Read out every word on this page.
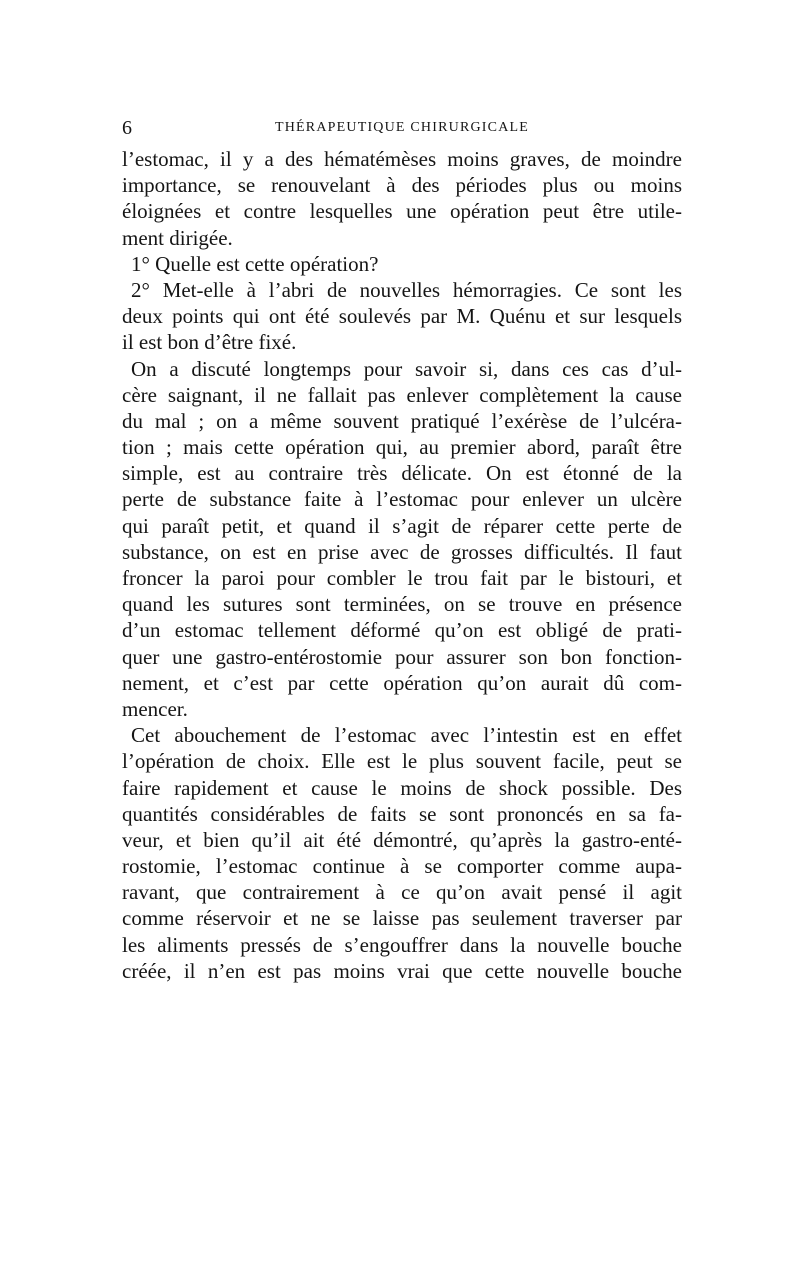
6	THÉRAPEUTIQUE CHIRURGICALE
l’estomac, il y a des hématémèses moins graves, de moindre
importance, se renouvelant à des périodes plus ou moins
éloignées et contre lesquelles une opération peut être utile-
ment dirigée.
1° Quelle est cette opération?
2° Met-elle à l’abri de nouvelles hémorragies. Ce sont les
deux points qui ont été soulevés par M. Quénu et sur lesquels
il est bon d’être fixé.
On a discuté longtemps pour savoir si, dans ces cas d’ul-
cère saignant, il ne fallait pas enlever complètement la cause
du mal ; on a même souvent pratiqué l’exérèse de l’ulcéra-
tion ; mais cette opération qui, au premier abord, paraît être
simple, est au contraire très délicate. On est étonné de la
perte de substance faite à l’estomac pour enlever un ulcère
qui paraît petit, et quand il s’agit de réparer cette perte de
substance, on est en prise avec de grosses difficultés. Il faut
froncer la paroi pour combler le trou fait par le bistouri, et
quand les sutures sont terminées, on se trouve en présence
d’un estomac tellement déformé qu’on est obligé de prati-
quer une gastro-entérostomie pour assurer son bon fonction-
nement, et c’est par cette opération qu’on aurait dû com-
mencer.
Cet abouchement de l’estomac avec l’intestin est en effet
l’opération de choix. Elle est le plus souvent facile, peut se
faire rapidement et cause le moins de shock possible. Des
quantités considérables de faits se sont prononcés en sa fa-
veur, et bien qu’il ait été démontré, qu’après la gastro-enté-
rostomie, l’estomac continue à se comporter comme aupa-
ravant, que contrairement à ce qu’on avait pensé il agit
comme réservoir et ne se laisse pas seulement traverser par
les aliments pressés de s’engouffrer dans la nouvelle bouche
créée, il n’en est pas moins vrai que cette nouvelle bouche
